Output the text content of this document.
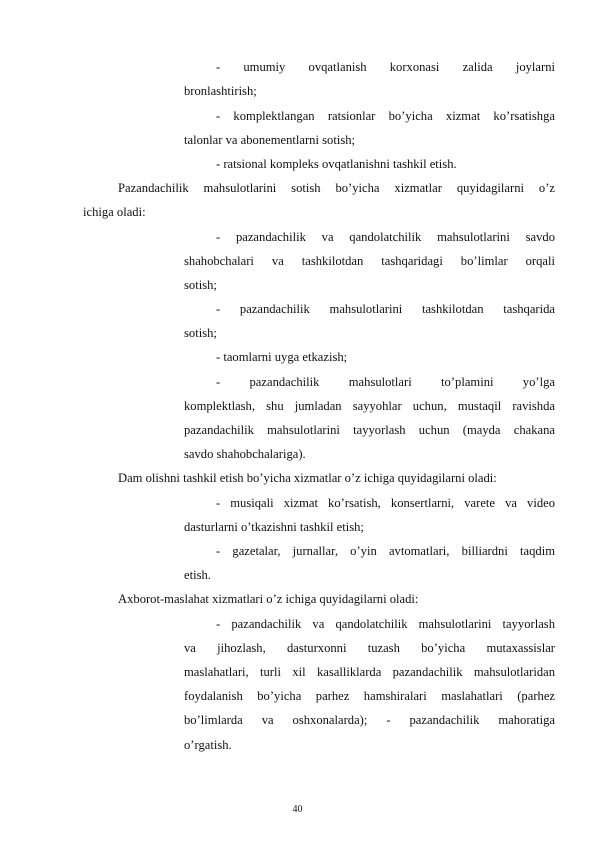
- umumiy ovqatlanish korxonasi zalida joylarni
bronlashtirish;
- komplektlangan ratsionlar bo’yicha xizmat ko’rsatishga
talonlar va abonementlarni sotish;
- ratsional kompleks ovqatlanishni tashkil etish.
Pazandachilik mahsulotlarini sotish bo’yicha xizmatlar quyidagilarni o’z
ichiga oladi:
- pazandachilik va qandolatchilik mahsulotlarini savdo
shahobchalari va tashkilotdan tashqaridagi bo’limlar orqali
sotish;
- pazandachilik mahsulotlarini tashkilotdan tashqarida
sotish;
- taomlarni uyga etkazish;
- pazandachilik mahsulotlari to’plamini yo’lga
komplektlash, shu jumladan sayyohlar uchun, mustaqil ravishda
pazandachilik mahsulotlarini tayyorlash uchun (mayda chakana
savdo shahobchalariga).
Dam olishni tashkil etish bo’yicha xizmatlar o’z ichiga quyidagilarni oladi:
- musiqali xizmat ko’rsatish, konsertlarni, varete va video
dasturlarni o’tkazishni tashkil etish;
- gazetalar, jurnallar, o’yin avtomatlari, billiardni taqdim
etish.
Axborot-maslahat xizmatlari o’z ichiga quyidagilarni oladi:
- pazandachilik va qandolatchilik mahsulotlarini tayyorlash
va jihozlash, dasturxonni tuzash bo’yicha mutaxassislar
maslahatlari, turli xil kasalliklarda pazandachilik mahsulotlaridan
foydalanish bo’yicha parhez hamshiralari maslahatlari (parhez
bo’limlarda va oshxonalarda); - pazandachilik mahoratiga
o’rgatish.
40
